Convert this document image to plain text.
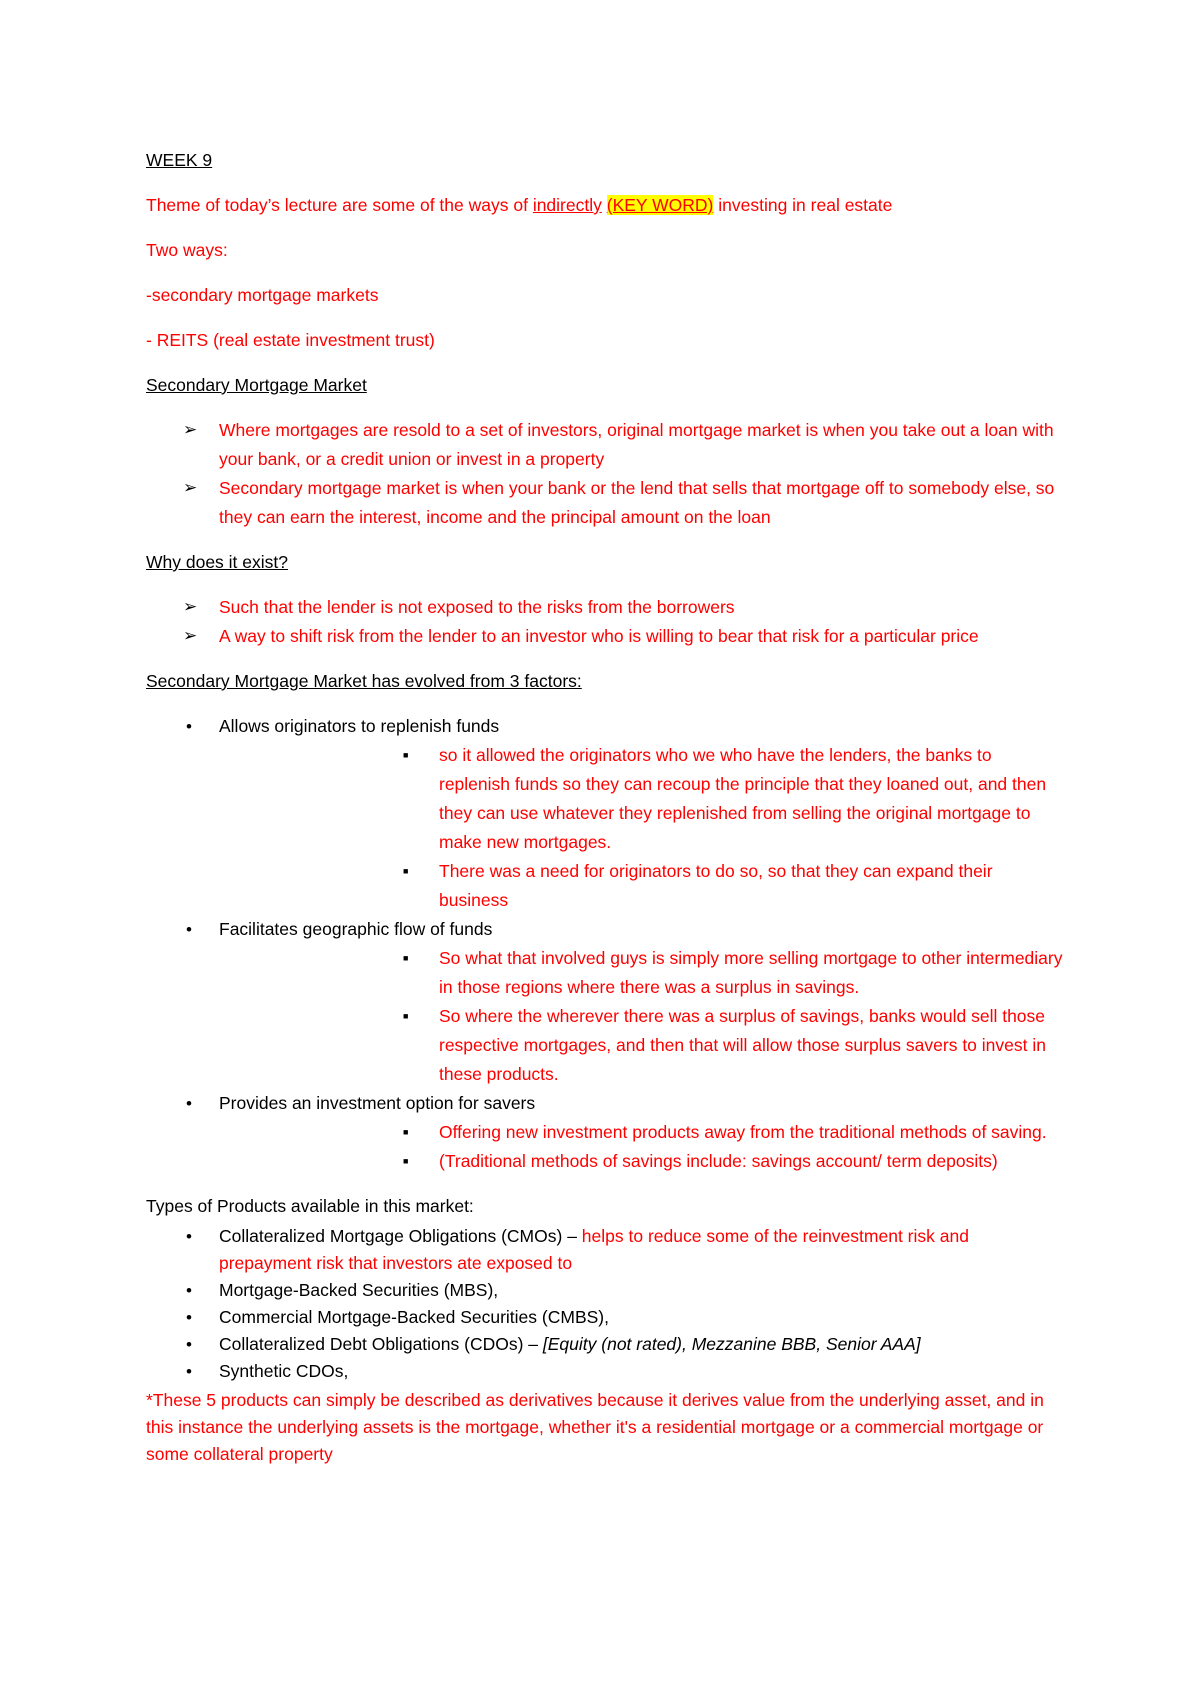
WEEK 9

Theme of today’s lecture are some of the ways of indirectly (KEY WORD) investing in real estate

Two ways:

-secondary mortgage markets

- REITS (real estate investment trust)

Secondary Mortgage Market

➢ Where mortgages are resold to a set of investors, original mortgage market is when you take out a loan with your bank, or a credit union or invest in a property
➢ Secondary mortgage market is when your bank or the lend that sells that mortgage off to somebody else, so they can earn the interest, income and the principal amount on the loan

Why does it exist?

➢ Such that the lender is not exposed to the risks from the borrowers
➢ A way to shift risk from the lender to an investor who is willing to bear that risk for a particular price

Secondary Mortgage Market has evolved from 3 factors:

• Allows originators to replenish funds
■ so it allowed the originators who we who have the lenders, the banks to replenish funds so they can recoup the principle that they loaned out, and then they can use whatever they replenished from selling the original mortgage to make new mortgages.
■ There was a need for originators to do so, so that they can expand their business
• Facilitates geographic flow of funds
■ So what that involved guys is simply more selling mortgage to other intermediary in those regions where there was a surplus in savings.
■ So where the wherever there was a surplus of savings, banks would sell those respective mortgages, and then that will allow those surplus savers to invest in these products.
• Provides an investment option for savers
■ Offering new investment products away from the traditional methods of saving.
■ (Traditional methods of savings include: savings account/ term deposits)

Types of Products available in this market:

• Collateralized Mortgage Obligations (CMOs) – helps to reduce some of the reinvestment risk and prepayment risk that investors ate exposed to
• Mortgage-Backed Securities (MBS),
• Commercial Mortgage-Backed Securities (CMBS),
• Collateralized Debt Obligations (CDOs) – [Equity (not rated), Mezzanine BBB, Senior AAA]
• Synthetic CDOs,

*These 5 products can simply be described as derivatives because it derives value from the underlying asset, and in this instance the underlying assets is the mortgage, whether it's a residential mortgage or a commercial mortgage or some collateral property
